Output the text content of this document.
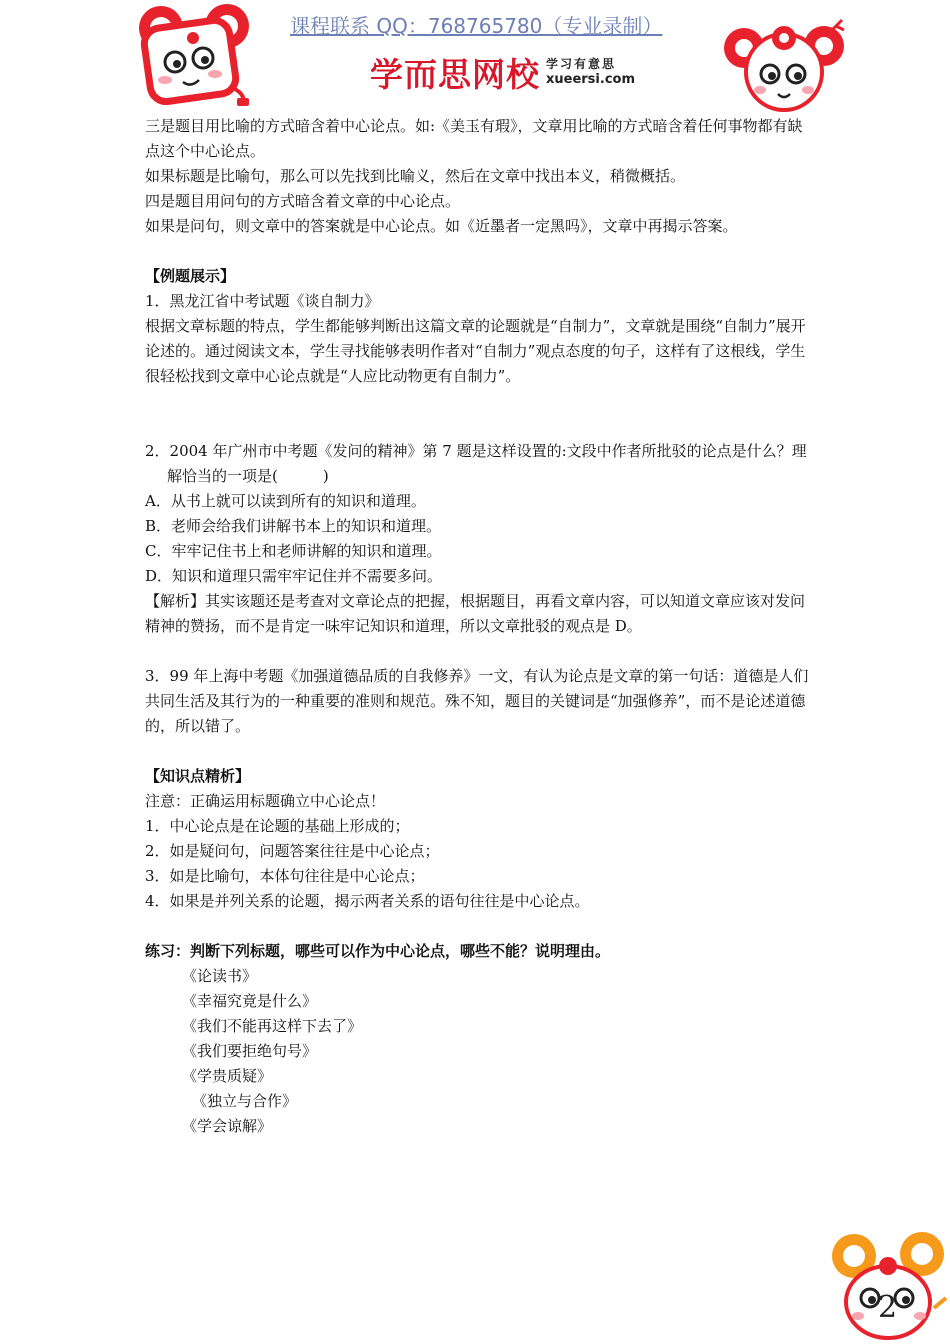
课程联系 QQ：768765780（专业录制）
学而思网校 学习有意思
xueersi.com

三是题目用比喻的方式暗含着中心论点。如:《美玉有瑕》，文章用比喻的方式暗含着任何事物都有缺点这个中心论点。

如果标题是比喻句，那么可以先找到比喻义，然后在文章中找出本义，稍微概括。

四是题目用问句的方式暗含着文章的中心论点。

如果是问句，则文章中的答案就是中心论点。如《近墨者一定黑吗》，文章中再揭示答案。

【例题展示】

1．黑龙江省中考试题《谈自制力》

根据文章标题的特点，学生都能够判断出这篇文章的论题就是“自制力”，文章就是围绕“自制力”展开论述的。通过阅读文本，学生寻找能够表明作者对“自制力”观点态度的句子，这样有了这根线，学生很轻松找到文章中心论点就是“人应比动物更有自制力”。

2．2004 年广州市中考题《发问的精神》第 7 题是这样设置的:文段中作者所批驳的论点是什么？理解恰当的一项是(　　　)

A．从书上就可以读到所有的知识和道理。

B．老师会给我们讲解书本上的知识和道理。

C．牢牢记住书上和老师讲解的知识和道理。

D．知识和道理只需牢牢记住并不需要多问。

【解析】其实该题还是考查对文章论点的把握，根据题目，再看文章内容，可以知道文章应该对发问精神的赞扬，而不是肯定一味牢记知识和道理，所以文章批驳的观点是 D。

3．99 年上海中考题《加强道德品质的自我修养》一文，有认为论点是文章的第一句话：道德是人们共同生活及其行为的一种重要的准则和规范。殊不知，题目的关键词是“加强修养”，而不是论述道德的，所以错了。

【知识点精析】

注意：正确运用标题确立中心论点！

1．中心论点是在论题的基础上形成的；

2．如是疑问句，问题答案往往是中心论点；

3．如是比喻句，本体句往往是中心论点；

4．如果是并列关系的论题，揭示两者关系的语句往往是中心论点。

练习：判断下列标题，哪些可以作为中心论点，哪些不能？说明理由。

《论读书》

《幸福究竟是什么》

《我们不能再这样下去了》

《我们要拒绝句号》

《学贵质疑》

《独立与合作》

《学会谅解》

2
